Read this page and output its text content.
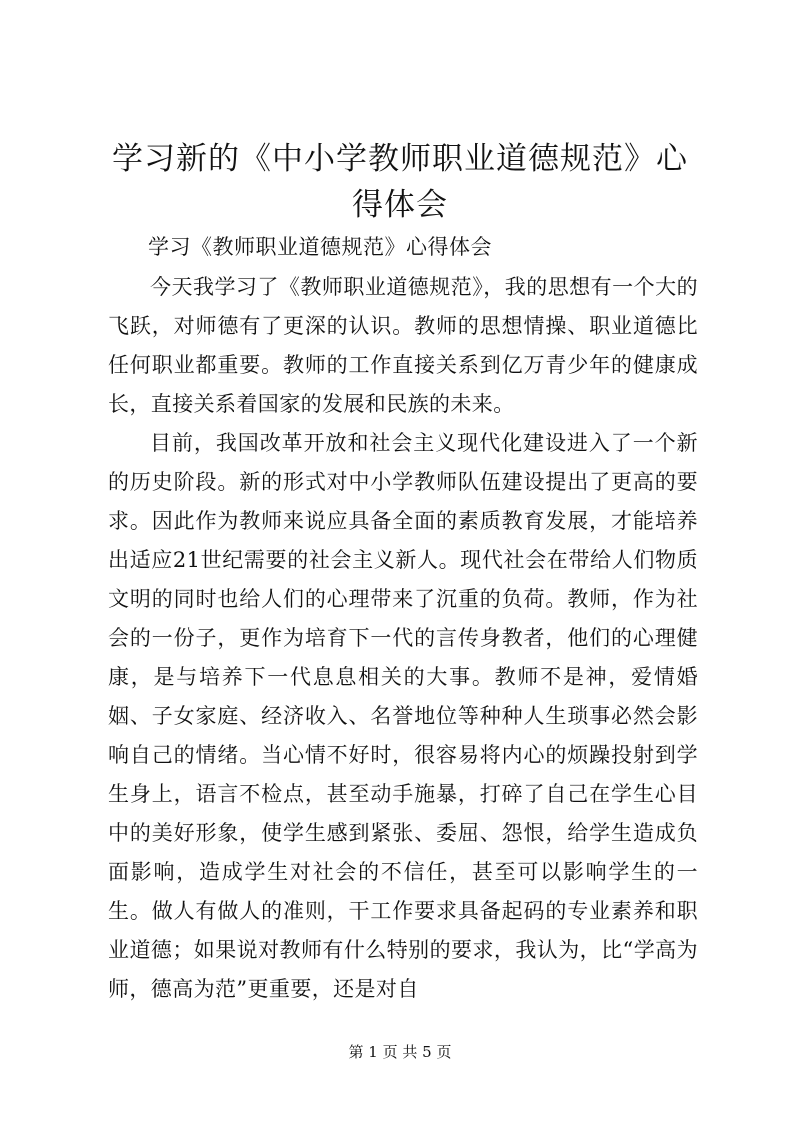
学习新的《中小学教师职业道德规范》心得体会

学习《教师职业道德规范》心得体会

今天我学习了《教师职业道德规范》，我的思想有一个大的飞跃，对师德有了更深的认识。教师的思想情操、职业道德比任何职业都重要。教师的工作直接关系到亿万青少年的健康成长，直接关系着国家的发展和民族的未来。

目前，我国改革开放和社会主义现代化建设进入了一个新的历史阶段。新的形式对中小学教师队伍建设提出了更高的要求。因此作为教师来说应具备全面的素质教育发展，才能培养出适应21世纪需要的社会主义新人。现代社会在带给人们物质文明的同时也给人们的心理带来了沉重的负荷。教师，作为社会的一份子，更作为培育下一代的言传身教者，他们的心理健康，是与培养下一代息息相关的大事。教师不是神，爱情婚姻、子女家庭、经济收入、名誉地位等种种人生琐事必然会影响自己的情绪。当心情不好时，很容易将内心的烦躁投射到学生身上，语言不检点，甚至动手施暴，打碎了自己在学生心目中的美好形象，使学生感到紧张、委屈、怨恨，给学生造成负面影响，造成学生对社会的不信任，甚至可以影响学生的一生。做人有做人的准则，干工作要求具备起码的专业素养和职业道德；如果说对教师有什么特别的要求，我认为，比“学高为师，德高为范”更重要，还是对自

第 1 页 共 5 页
